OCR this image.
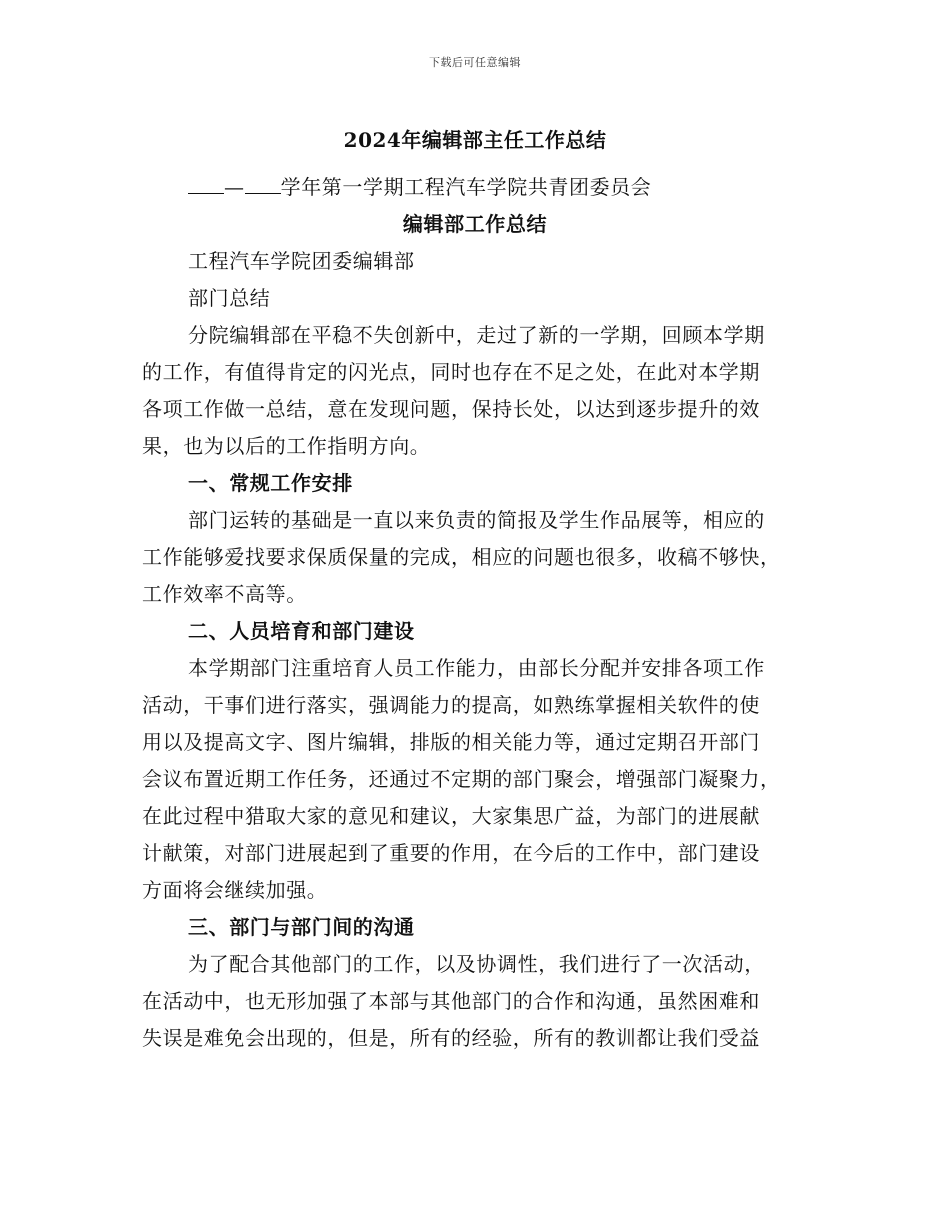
下载后可任意编辑
2024年编辑部主任工作总结
— 学年第一学期工程汽车学院共青团委员会
编辑部工作总结
工程汽车学院团委编辑部
部门总结
分院编辑部在平稳不失创新中，走过了新的一学期，回顾本学期
的工作，有值得肯定的闪光点，同时也存在不足之处，在此对本学期
各项工作做一总结，意在发现问题，保持长处，以达到逐步提升的效
果，也为以后的工作指明方向。
一、常规工作安排
部门运转的基础是一直以来负责的简报及学生作品展等，相应的
工作能够爱找要求保质保量的完成，相应的问题也很多，收稿不够快，
工作效率不高等。
二、人员培育和部门建设
本学期部门注重培育人员工作能力，由部长分配并安排各项工作
活动，干事们进行落实，强调能力的提高，如熟练掌握相关软件的使
用以及提高文字、图片编辑，排版的相关能力等，通过定期召开部门
会议布置近期工作任务，还通过不定期的部门聚会，增强部门凝聚力，
在此过程中猎取大家的意见和建议，大家集思广益，为部门的进展献
计献策，对部门进展起到了重要的作用，在今后的工作中，部门建设
方面将会继续加强。
三、部门与部门间的沟通
为了配合其他部门的工作，以及协调性，我们进行了一次活动，
在活动中，也无形加强了本部与其他部门的合作和沟通，虽然困难和
失误是难免会出现的，但是，所有的经验，所有的教训都让我们受益
